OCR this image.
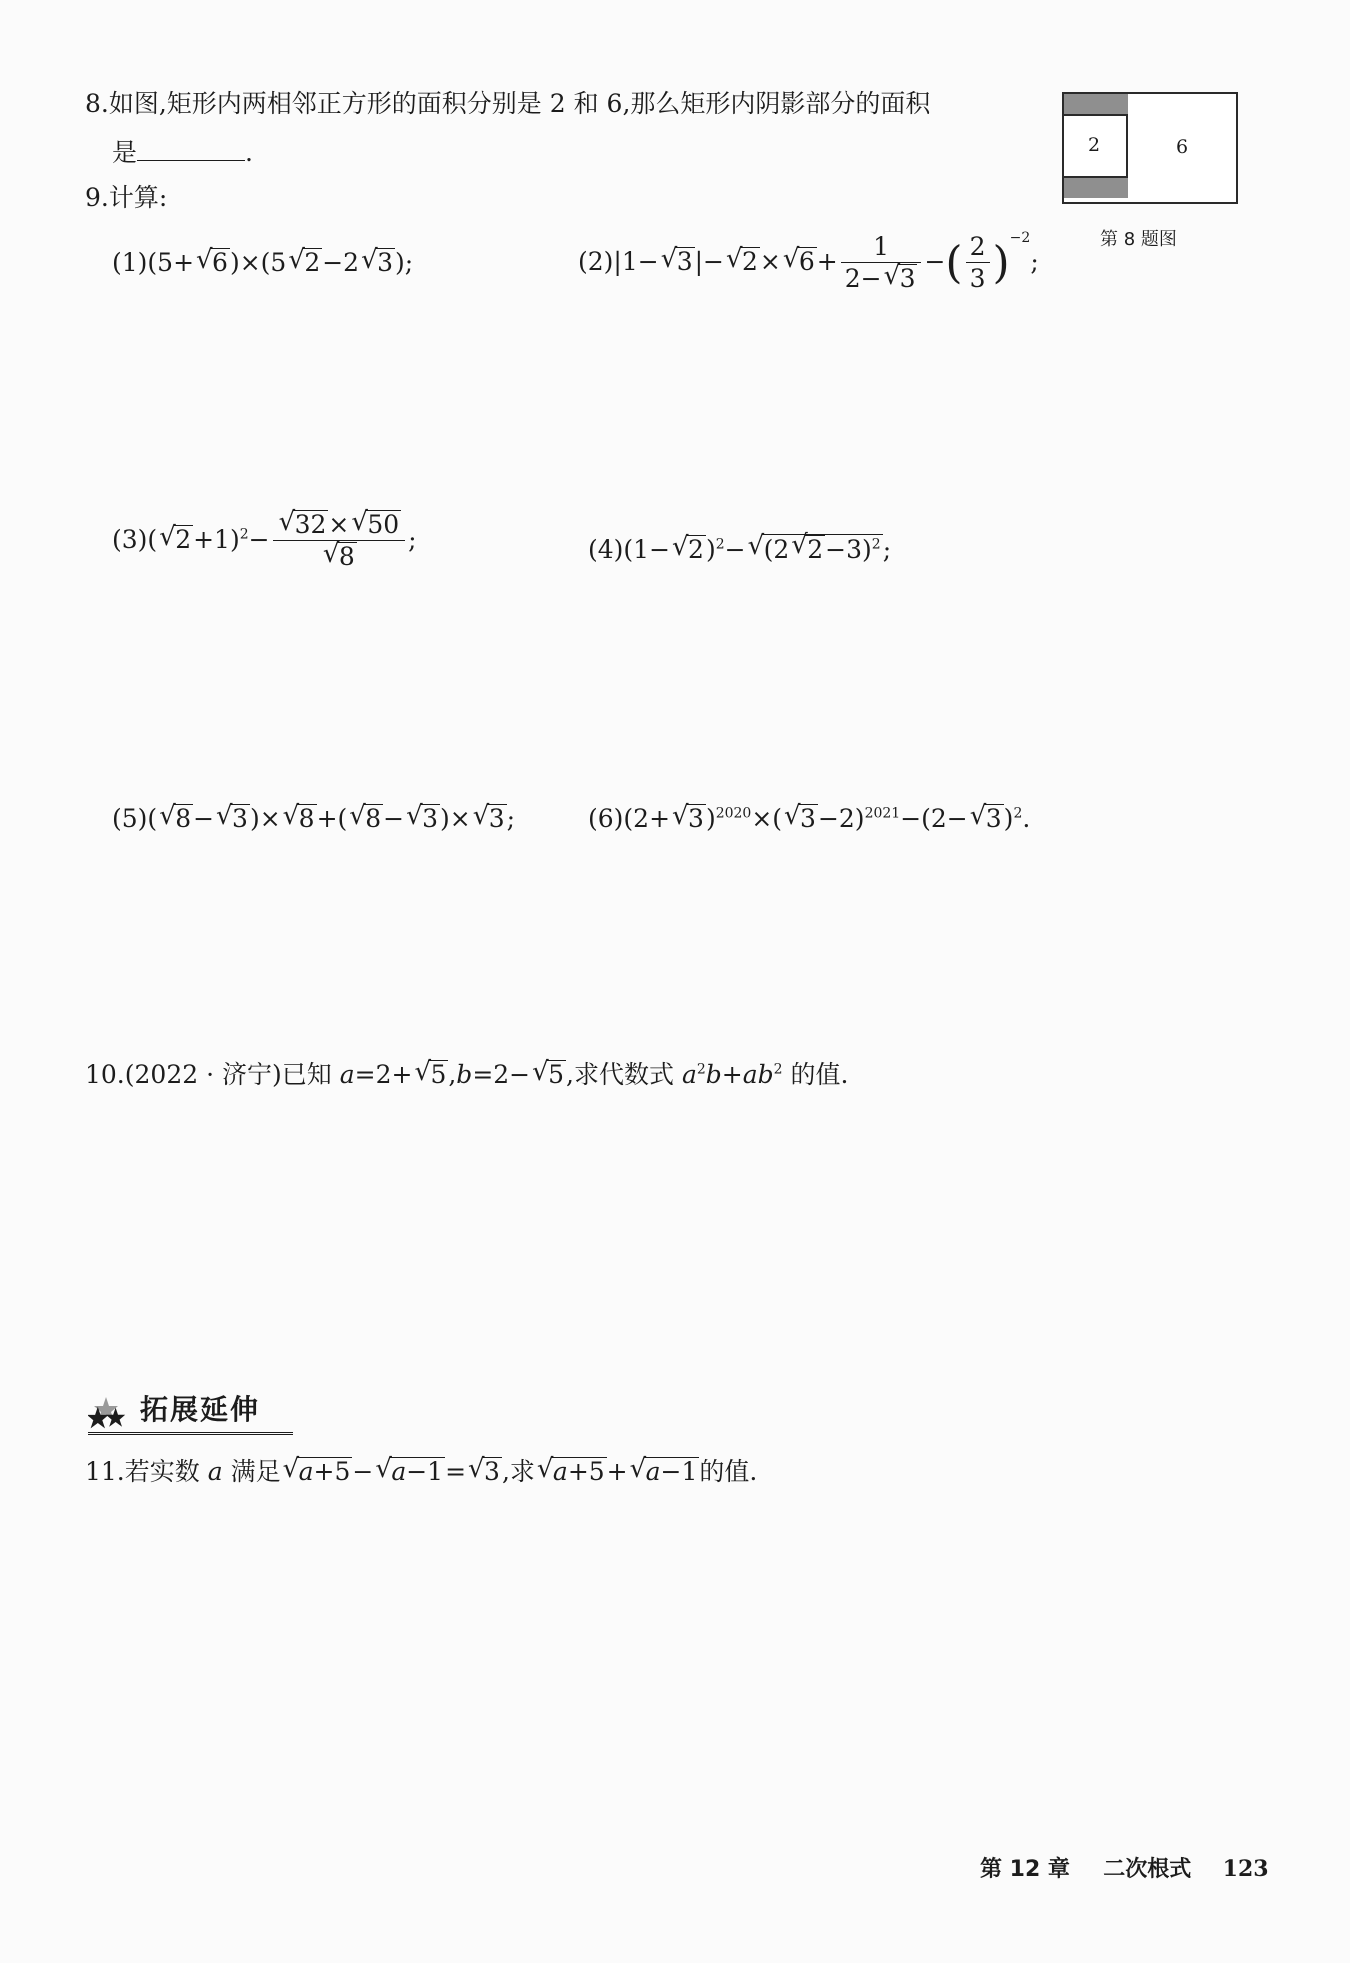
8.如图,矩形内两相邻正方形的面积分别是 2 和 6,那么矩形内阴影部分的面积
是	.	2	6
第 8 题图
9.计算:
(1)(5+ √ 6)×(5 √ 2−2 √ 3);	(2)|1− √ 3|− √ 2× √ $6+ \frac{1}{2- √ 3}$ −( $\frac{2}{3} )^{-2}$;
(3)( √ $2+1)^2- \frac{√ 32\times √ 50}{√ 8}$ ;	(4)(1− √ 2)$^2$− √ (2 √ 2−3)$^2$;
(5)( √ 8− √ 3)× √ 8+( √ 8− √ 3)× √ 3;	(6)(2+ √ 3)$^{2020}$×( √ 3−2)$^{2021}$−(2− √ 3)$^2$.
10.(2022 · 济宁)已知 a=2+ √ 5,b=2− √ 5,求代数式 $a^2b+ab^2$ 的值.
拓展延伸
11.若实数 a 满足 √ a+5− √ a−1= √ 3,求 √ a+5+ √ a−1的值.
第 12 章 二次根式 123
